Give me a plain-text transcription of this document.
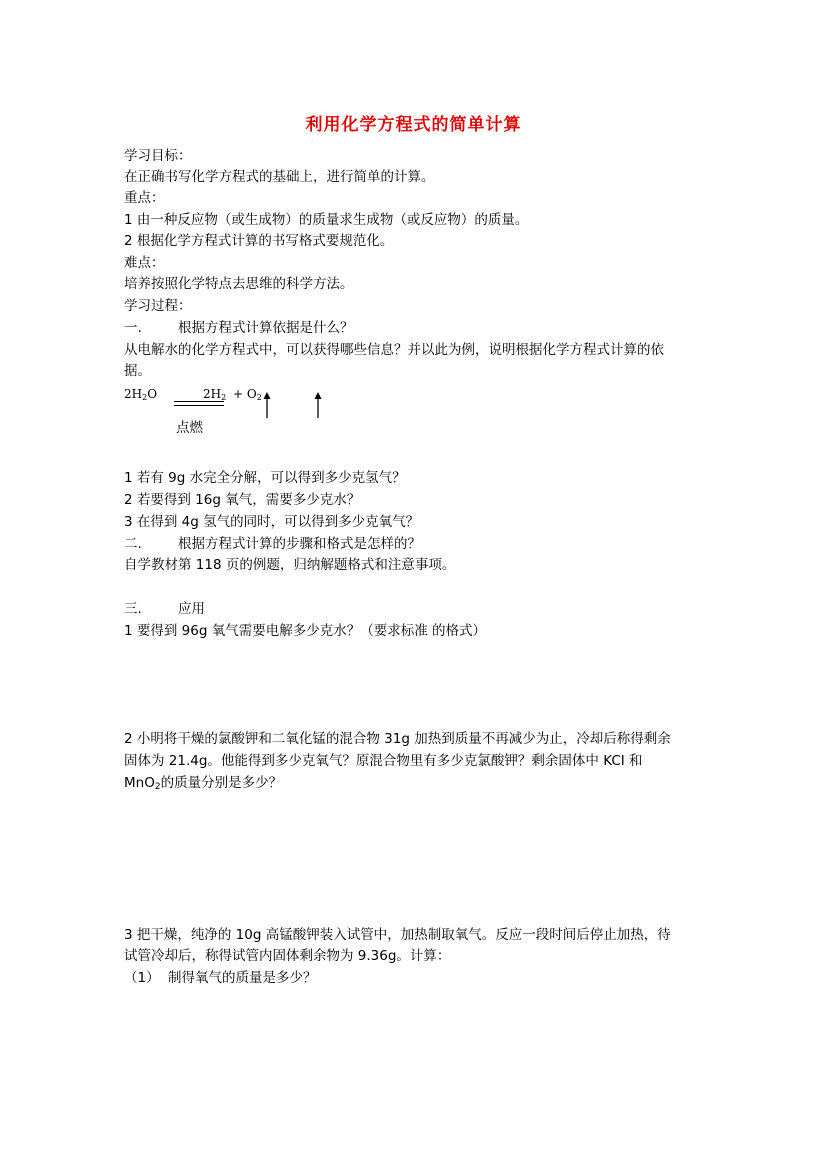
利用化学方程式的简单计算
学习目标：
在正确书写化学方程式的基础上，进行简单的计算。
重点：
1 由一种反应物（或生成物）的质量求生成物（或反应物）的质量。
2 根据化学方程式计算的书写格式要规范化。
难点：
培养按照化学特点去思维的科学方法。
学习过程：
一.	根据方程式计算依据是什么？
从电解水的化学方程式中，可以获得哪些信息？并以此为例，说明根据化学方程式计算的依
据。
$2H_2O$	$2H_2 + O_2$
点燃
1 若有 9g 水完全分解，可以得到多少克氢气？
2 若要得到 16g 氧气，需要多少克水？
3 在得到 4g 氢气的同时，可以得到多少克氧气？
二.	根据方程式计算的步骤和格式是怎样的？
自学教材第 118 页的例题，归纳解题格式和注意事项。
三.	应用
1 要得到 96g 氧气需要电解多少克水？（要求标准 的格式）
2 小明将干燥的氯酸钾和二氧化锰的混合物 31g 加热到质量不再减少为止，冷却后称得剩余
固体为 21.4g。他能得到多少克氧气？原混合物里有多少克氯酸钾？剩余固体中 KCI 和
MnO$_2$的质量分别是多少？
3 把干燥，纯净的 10g 高锰酸钾装入试管中，加热制取氧气。反应一段时间后停止加热，待
试管冷却后，称得试管内固体剩余物为 9.36g。计算：
（1） 制得氧气的质量是多少？
